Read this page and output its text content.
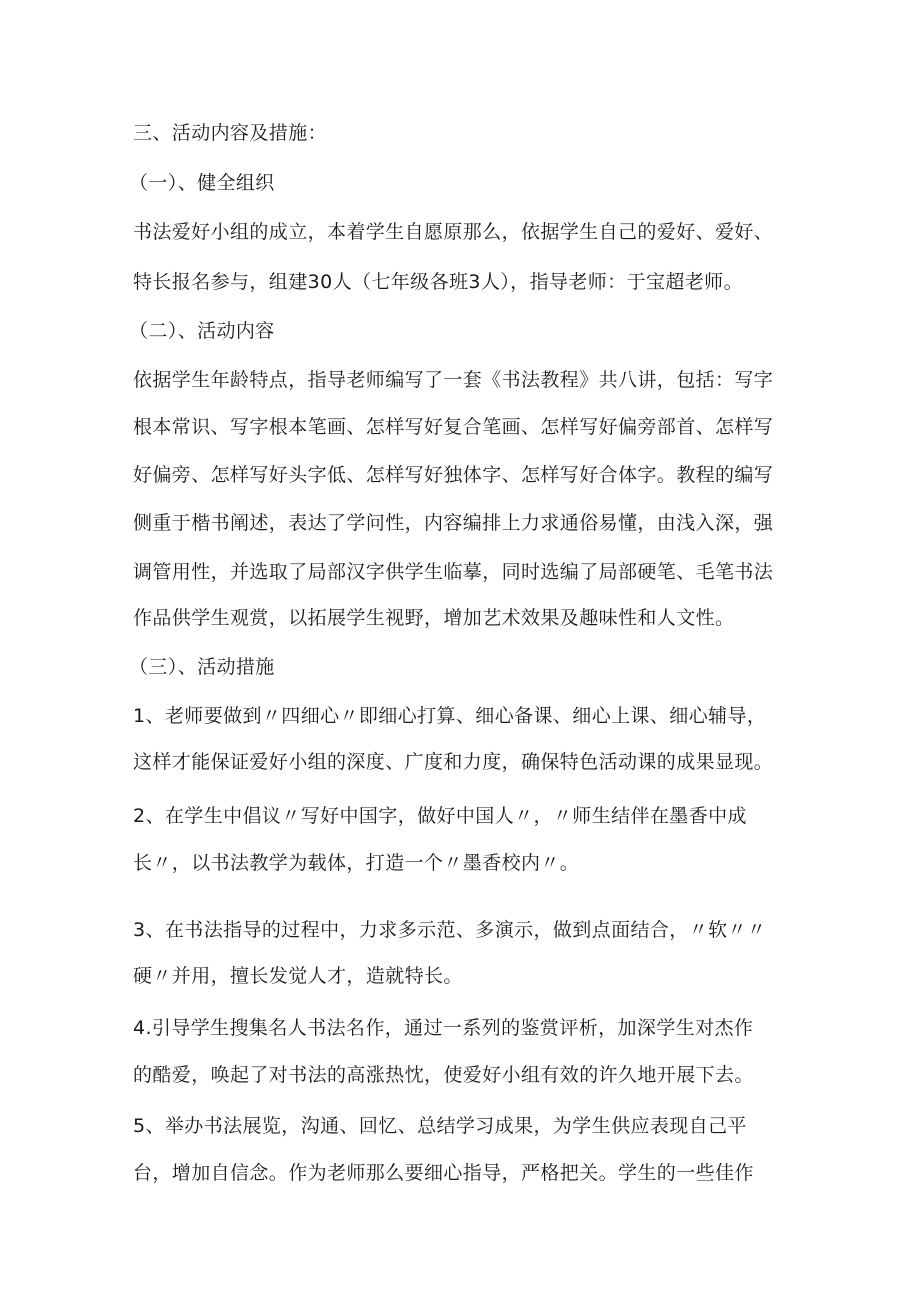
三、活动内容及措施：
（一）、健全组织
书法爱好小组的成立，本着学生自愿原那么，依据学生自己的爱好、爱好、
特长报名参与，组建30人（七年级各班3人），指导老师：于宝超老师。
（二）、活动内容
依据学生年龄特点，指导老师编写了一套《书法教程》共八讲，包括：写字
根本常识、写字根本笔画、怎样写好复合笔画、怎样写好偏旁部首、怎样写
好偏旁、怎样写好头字低、怎样写好独体字、怎样写好合体字。教程的编写
侧重于楷书阐述，表达了学问性，内容编排上力求通俗易懂，由浅入深，强
调管用性，并选取了局部汉字供学生临摹，同时选编了局部硬笔、毛笔书法
作品供学生观赏，以拓展学生视野，增加艺术效果及趣味性和人文性。
（三）、活动措施
1、老师要做到〃四细心〃即细心打算、细心备课、细心上课、细心辅导，
这样才能保证爱好小组的深度、广度和力度，确保特色活动课的成果显现。
2、在学生中倡议〃写好中国字，做好中国人〃，〃师生结伴在墨香中成
长〃，以书法教学为载体，打造一个〃墨香校内〃。
3、在书法指导的过程中，力求多示范、多演示，做到点面结合，〃软〃〃
硬〃并用，擅长发觉人才，造就特长。
4.引导学生搜集名人书法名作，通过一系列的鉴赏评析，加深学生对杰作
的酷爱，唤起了对书法的高涨热忱，使爱好小组有效的许久地开展下去。
5、举办书法展览，沟通、回忆、总结学习成果，为学生供应表现自己平
台，增加自信念。作为老师那么要细心指导，严格把关。学生的一些佳作
